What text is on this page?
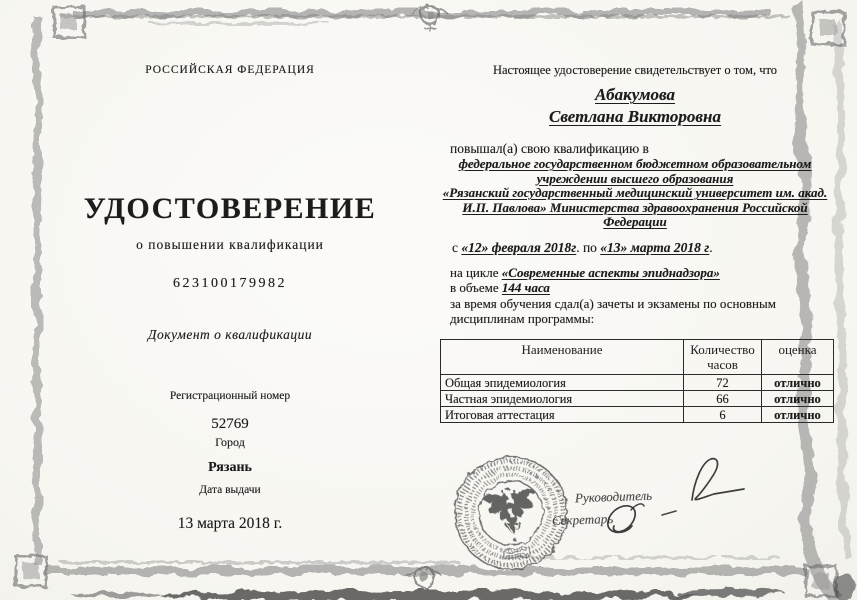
РОССИЙСКАЯ ФЕДЕРАЦИЯ
УДОСТОВЕРЕНИЕ
о повышении квалификации
623100179982
Документ о квалификации
Регистрационный номер
52769
Город
Рязань
Дата выдачи
13 марта 2018 г.
Настоящее удостоверение свидетельствует о том, что
Абакумова
Светлана Викторовна
повышал(а) свою квалификацию в
федеральное государственном бюджетном образовательном
учреждении высшего образования
«Рязанский государственный медицинский университет им. акад.
И.П. Павлова» Министерства здравоохранения Российской
Федерации
с «12» февраля 2018г. по «13» марта 2018 г.
на цикле «Современные аспекты эпиднадзора»
в объеме 144 часа
за время обучения сдал(а) зачеты и экзамены по основным
дисциплинам программы:
Наименование	Количество часов	оценка
Общая эпидемиология	72	отлично
Частная эпидемиология	66	отлично
Итоговая аттестация	6	отлично
Руководитель
Секретарь
